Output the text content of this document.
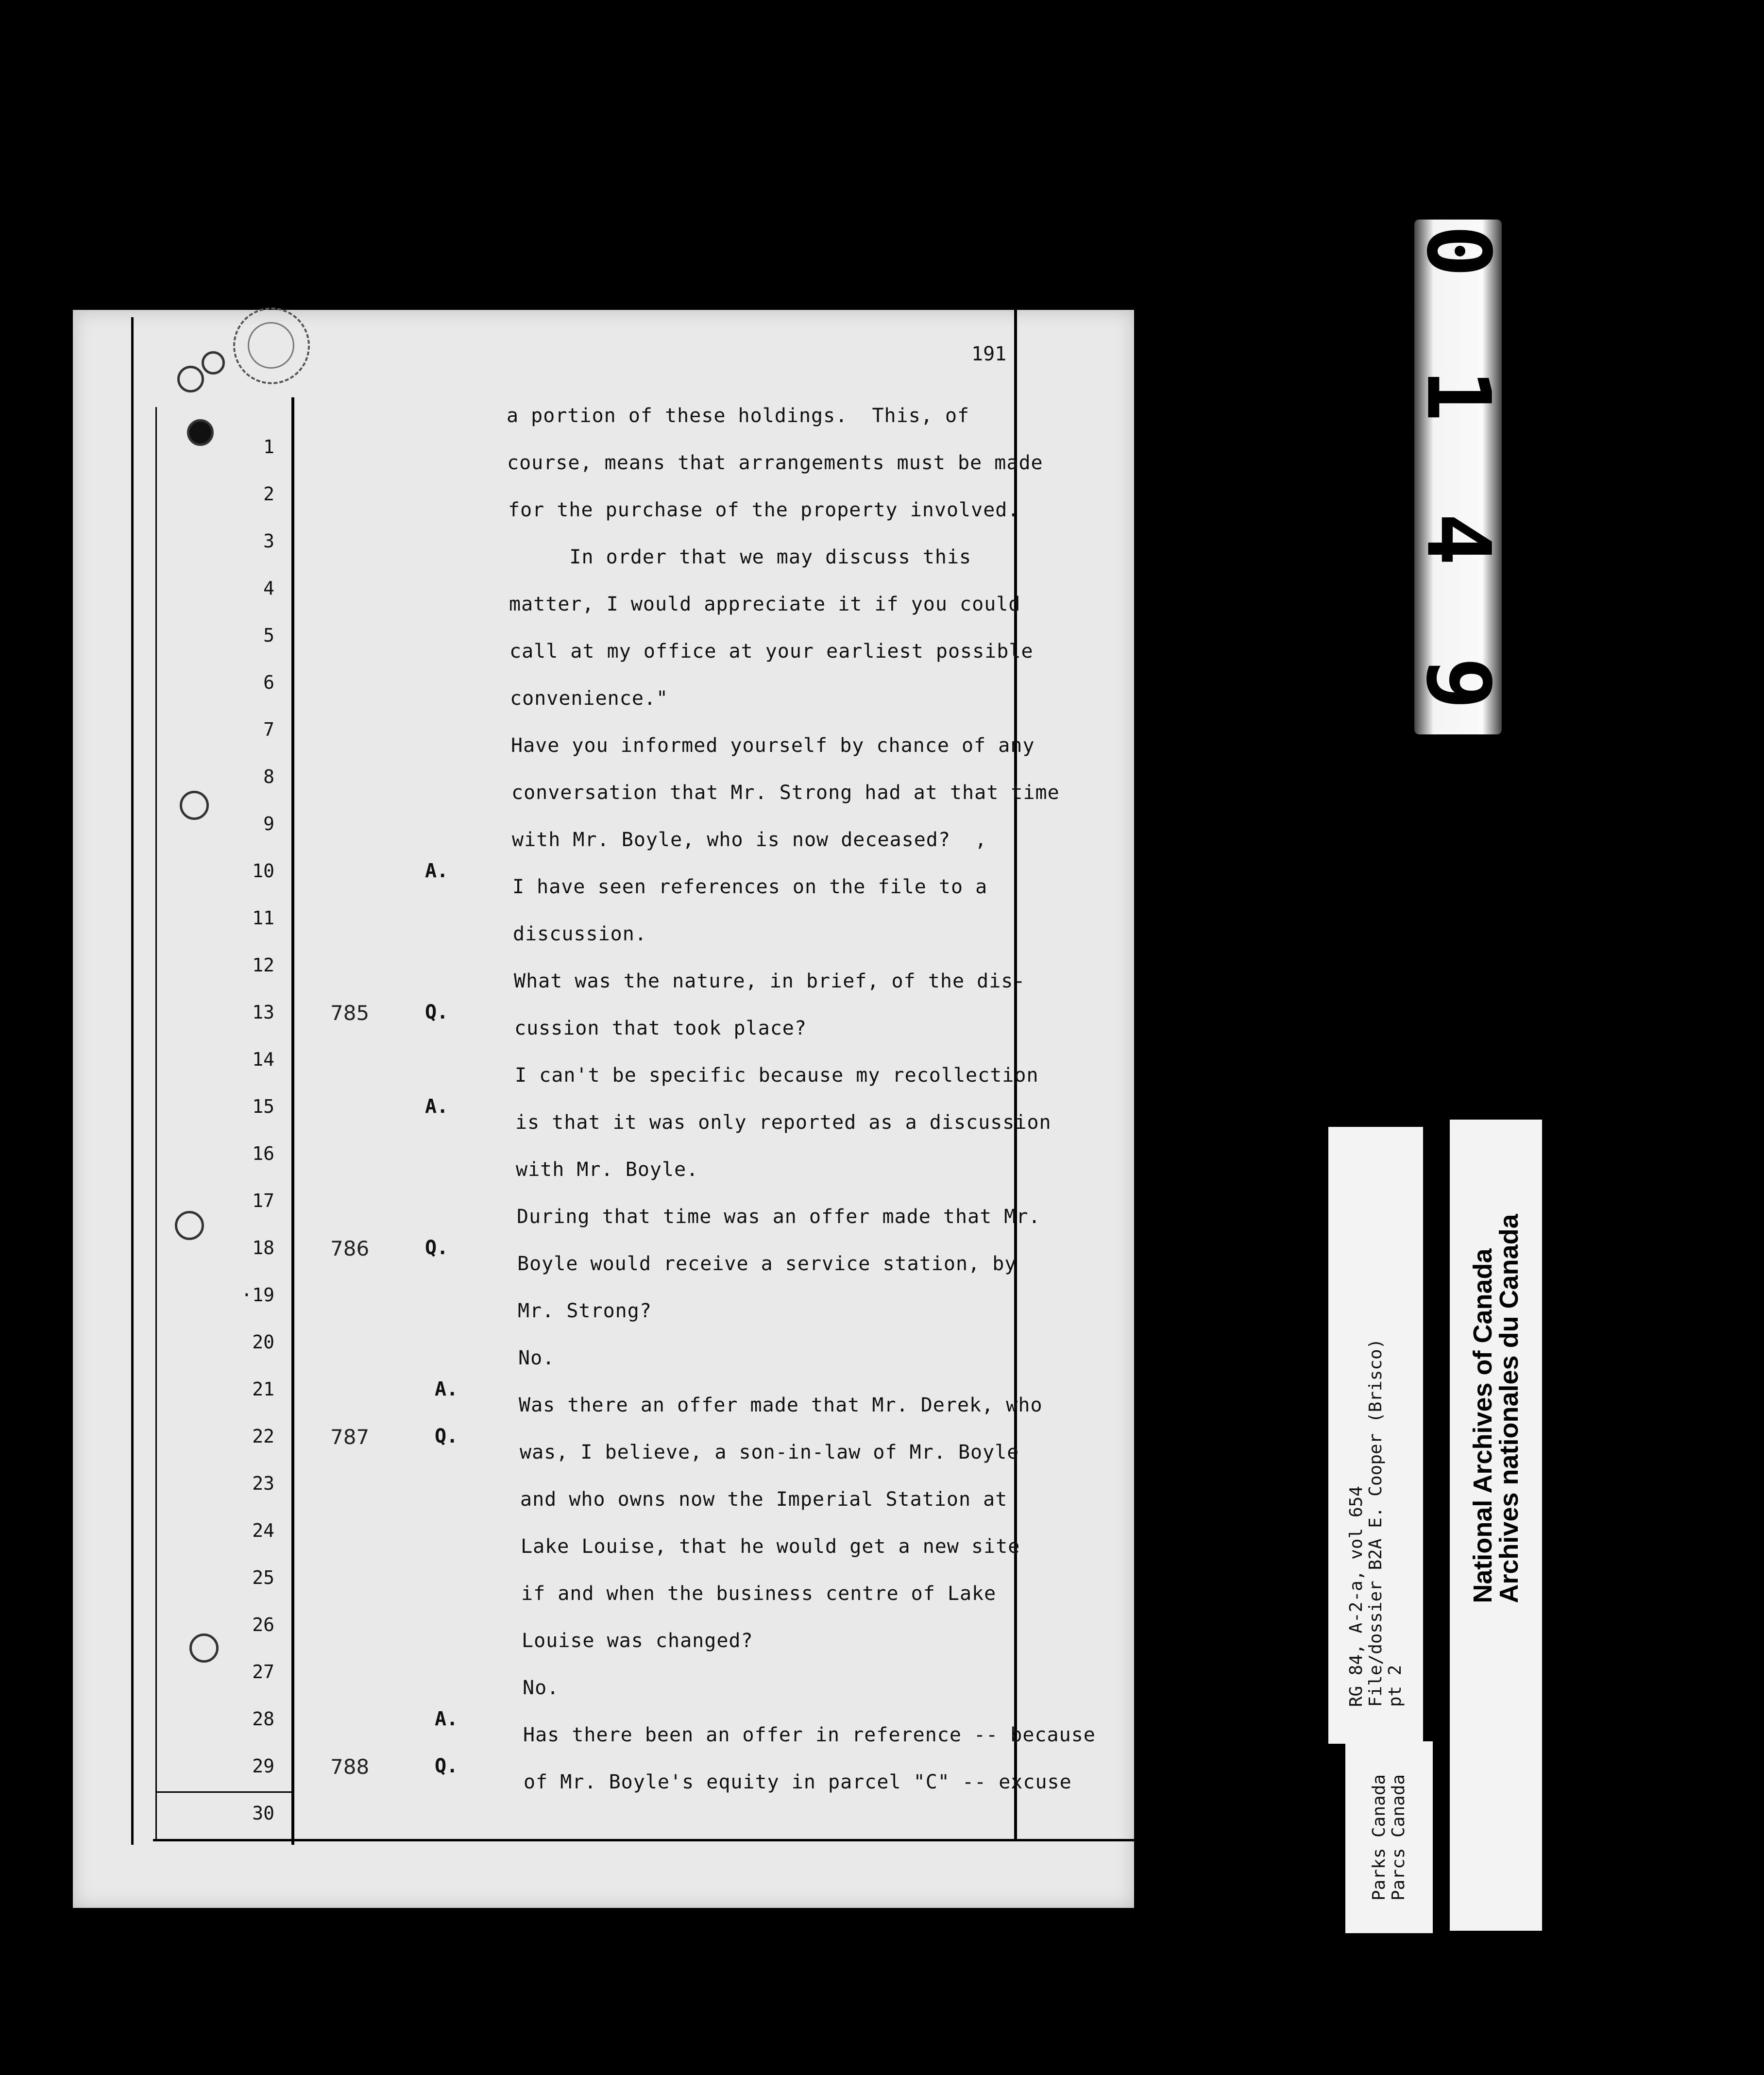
191
1
2
3
4
5
6
7
8
9
10
11
12
13
14
15
16
17
18
·19
20
21
22
23
24
25
26
27
28
29
30
785
786
787
788
A.
Q.
A.
Q.
A.
Q.
A.
Q.
a portion of these holdings.  This, of
course, means that arrangements must be made
for the purchase of the property involved.
In order that we may discuss this
matter, I would appreciate it if you could
call at my office at your earliest possible
convenience."
Have you informed yourself by chance of any
conversation that Mr. Strong had at that time
with Mr. Boyle, who is now deceased?  ,
I have seen references on the file to a
discussion.
What was the nature, in brief, of the dis-
cussion that took place?
I can't be specific because my recollection
is that it was only reported as a discussion
with Mr. Boyle.
During that time was an offer made that Mr.
Boyle would receive a service station, by
Mr. Strong?
No.
Was there an offer made that Mr. Derek, who
was, I believe, a son-in-law of Mr. Boyle
and who owns now the Imperial Station at
Lake Louise, that he would get a new site
if and when the business centre of Lake
Louise was changed?
No.
Has there been an offer in reference -- because
of Mr. Boyle's equity in parcel "C" -- excuse
0 0 1 4 9 6
Parks Canada Parcs Canada
RG 84, A-2-a, vol 654 File/dossier B2A E. Cooper (Brisco) pt 2
National Archives of Canada
Archives nationales du Canada
